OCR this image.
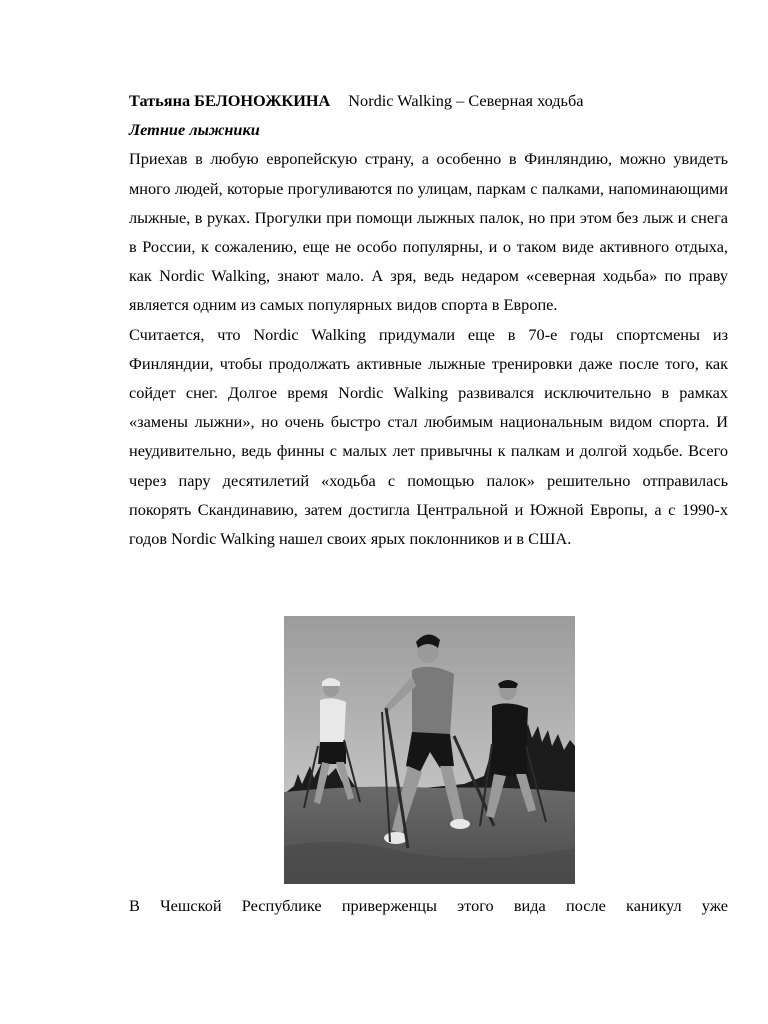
Татьяна БЕЛОНОЖКИНА Nordic Walking – Северная ходьба

Летние лыжники

Приехав в любую европейскую страну, а особенно в Финляндию, можно увидеть много людей, которые прогуливаются по улицам, паркам с палками, напоминающими лыжные, в руках. Прогулки при помощи лыжных палок, но при этом без лыж и снега в России, к сожалению, еще не особо популярны, и о таком виде активного отдыха, как Nordic Walking, знают мало. А зря, ведь недаром «северная ходьба» по праву является одним из самых популярных видов спорта в Европе.

Считается, что Nordic Walking придумали еще в 70-е годы спортсмены из Финляндии, чтобы продолжать активные лыжные тренировки даже после того, как сойдет снег. Долгое время Nordic Walking развивался исключительно в рамках «замены лыжни», но очень быстро стал любимым национальным видом спорта. И неудивительно, ведь финны с малых лет привычны к палкам и долгой ходьбе. Всего через пару десятилетий «ходьба с помощью палок» решительно отправилась покорять Скандинавию, затем достигла Центральной и Южной Европы, а с 1990-х годов Nordic Walking нашел своих ярых поклонников и в США.

В Чешской Республике приверженцы этого вида после каникул уже
